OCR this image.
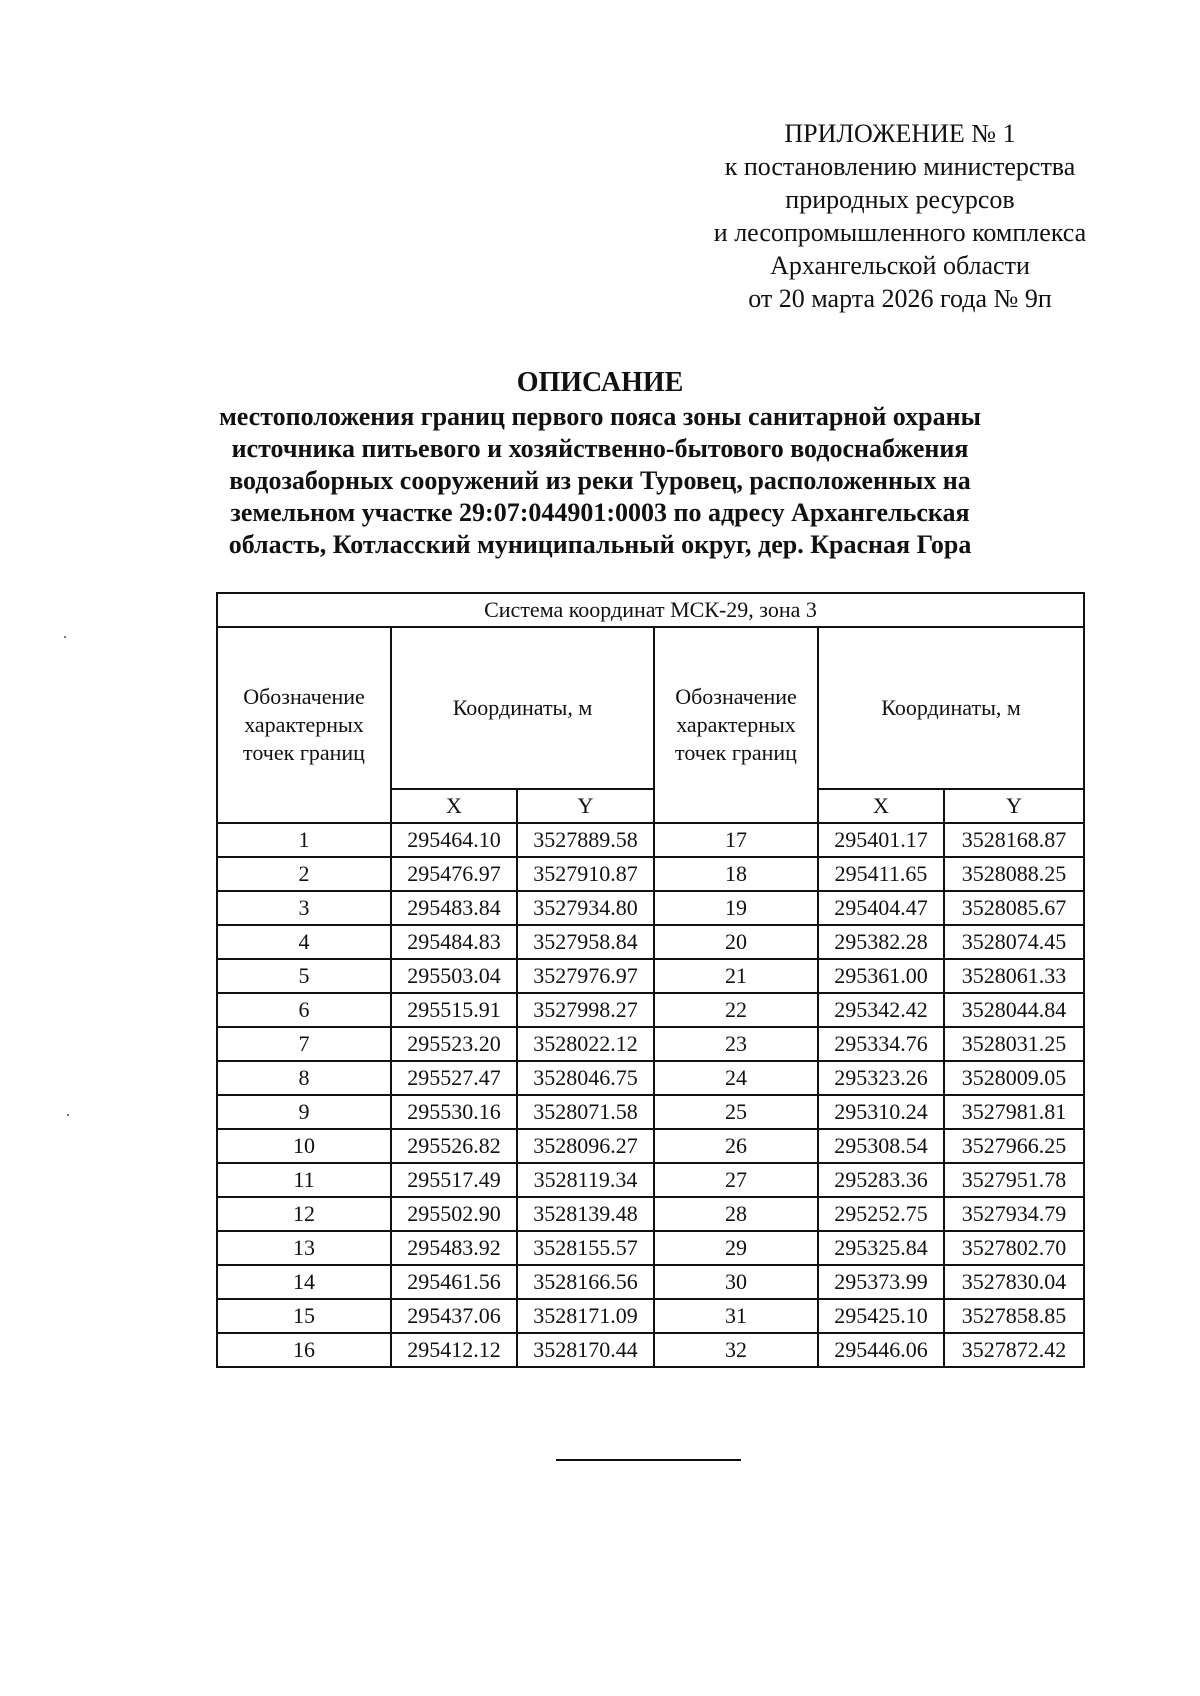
ПРИЛОЖЕНИЕ № 1
к постановлению министерства
природных ресурсов
и лесопромышленного комплекса
Архангельской области
от 20 марта 2026 года № 9п
ОПИСАНИЕ
местоположения границ первого пояса зоны санитарной охраны
источника питьевого и хозяйственно-бытового водоснабжения
водозаборных сооружений из реки Туровец, расположенных на
земельном участке 29:07:044901:0003 по адресу Архангельская
область, Котласский муниципальный округ, дер. Красная Гора
Система координат МСК-29, зона 3					
Обозначение характерных точек границ	Координаты, м		Обозначение характерных точек границ	Координаты, м	
	X	Y		X	Y
1	295464.10	3527889.58	17	295401.17	3528168.87
2	295476.97	3527910.87	18	295411.65	3528088.25
3	295483.84	3527934.80	19	295404.47	3528085.67
4	295484.83	3527958.84	20	295382.28	3528074.45
5	295503.04	3527976.97	21	295361.00	3528061.33
6	295515.91	3527998.27	22	295342.42	3528044.84
7	295523.20	3528022.12	23	295334.76	3528031.25
8	295527.47	3528046.75	24	295323.26	3528009.05
9	295530.16	3528071.58	25	295310.24	3527981.81
10	295526.82	3528096.27	26	295308.54	3527966.25
11	295517.49	3528119.34	27	295283.36	3527951.78
12	295502.90	3528139.48	28	295252.75	3527934.79
13	295483.92	3528155.57	29	295325.84	3527802.70
14	295461.56	3528166.56	30	295373.99	3527830.04
15	295437.06	3528171.09	31	295425.10	3527858.85
16	295412.12	3528170.44	32	295446.06	3527872.42
